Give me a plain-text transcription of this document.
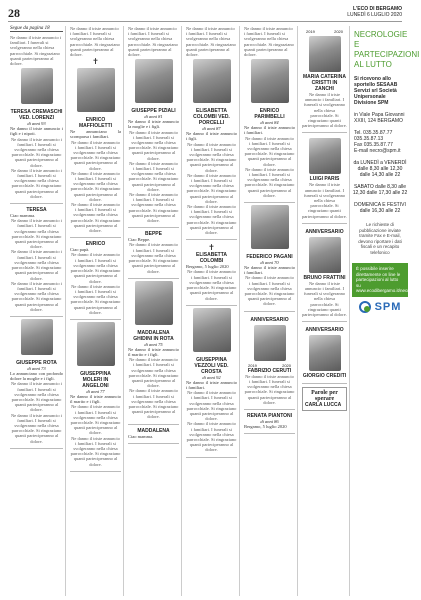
28	L'ECO DI BERGAMO
LUNEDÌ 6 LUGLIO 2020
Segue da pagina 18
Ne danno il triste annuncio i familiari. I funerali si svolgeranno nella chiesa parrocchiale. Si ringraziano quanti parteciperanno al dolore.
TERESA CREMASCHI VED. LORENZI
di anni 93
Ne danno il triste annuncio i figli e i nipoti.
Ne danno il triste annuncio i familiari. I funerali si svolgeranno nella chiesa parrocchiale. Si ringraziano quanti parteciperanno al dolore.
Ne danno il triste annuncio i familiari. I funerali si svolgeranno nella chiesa parrocchiale. Si ringraziano quanti parteciperanno al dolore.
TERESA
Ciao mamma.
Ne danno il triste annuncio i familiari. I funerali si svolgeranno nella chiesa parrocchiale. Si ringraziano quanti parteciperanno al dolore.
Ne danno il triste annuncio i familiari. I funerali si svolgeranno nella chiesa parrocchiale. Si ringraziano quanti parteciperanno al dolore.
Ne danno il triste annuncio i familiari. I funerali si svolgeranno nella chiesa parrocchiale. Si ringraziano quanti parteciperanno al dolore.
GIUSEPPE ROTA
di anni 73
Lo annunciano con profondo dolore la moglie e i figli.
Ne danno il triste annuncio i familiari. I funerali si svolgeranno nella chiesa parrocchiale. Si ringraziano quanti parteciperanno al dolore.
Ne danno il triste annuncio i familiari. I funerali si svolgeranno nella chiesa parrocchiale. Si ringraziano quanti parteciperanno al dolore.
Ne danno il triste annuncio i familiari. I funerali si svolgeranno nella chiesa parrocchiale. Si ringraziano quanti parteciperanno al dolore.
✝
ENRICO MAFFIOLETTI
Ne annunciano la scomparsa i familiari.
Ne danno il triste annuncio i familiari. I funerali si svolgeranno nella chiesa parrocchiale. Si ringraziano quanti parteciperanno al dolore.
Ne danno il triste annuncio i familiari. I funerali si svolgeranno nella chiesa parrocchiale. Si ringraziano quanti parteciperanno al dolore.
Ne danno il triste annuncio i familiari. I funerali si svolgeranno nella chiesa parrocchiale. Si ringraziano quanti parteciperanno al dolore.
ENRICO
Ciao papà.
Ne danno il triste annuncio i familiari. I funerali si svolgeranno nella chiesa parrocchiale. Si ringraziano quanti parteciperanno al dolore.
Ne danno il triste annuncio i familiari. I funerali si svolgeranno nella chiesa parrocchiale. Si ringraziano quanti parteciperanno al dolore.
GIUSEPPINA MOLERI IN ANGELONI
di anni 77
Ne danno il triste annuncio il marito e i figli.
Ne danno il triste annuncio i familiari. I funerali si svolgeranno nella chiesa parrocchiale. Si ringraziano quanti parteciperanno al dolore.
Ne danno il triste annuncio i familiari. I funerali si svolgeranno nella chiesa parrocchiale. Si ringraziano quanti parteciperanno al dolore.
Ne danno il triste annuncio i familiari. I funerali si svolgeranno nella chiesa parrocchiale. Si ringraziano quanti parteciperanno al dolore.
GIUSEPPE PIZIALI
di anni 81
Ne danno il triste annuncio la moglie e i figli.
Ne danno il triste annuncio i familiari. I funerali si svolgeranno nella chiesa parrocchiale. Si ringraziano quanti parteciperanno al dolore.
Ne danno il triste annuncio i familiari. I funerali si svolgeranno nella chiesa parrocchiale. Si ringraziano quanti parteciperanno al dolore.
Ne danno il triste annuncio i familiari. I funerali si svolgeranno nella chiesa parrocchiale. Si ringraziano quanti parteciperanno al dolore.
BEPPE
Ciao Beppe.
Ne danno il triste annuncio i familiari. I funerali si svolgeranno nella chiesa parrocchiale. Si ringraziano quanti parteciperanno al dolore.
MADDALENA GHIDINI IN ROTA
di anni 75
Ne danno il triste annuncio il marito e i figli.
Ne danno il triste annuncio i familiari. I funerali si svolgeranno nella chiesa parrocchiale. Si ringraziano quanti parteciperanno al dolore.
Ne danno il triste annuncio i familiari. I funerali si svolgeranno nella chiesa parrocchiale. Si ringraziano quanti parteciperanno al dolore.
MADDALENA
Ciao mamma.
Ne danno il triste annuncio i familiari. I funerali si svolgeranno nella chiesa parrocchiale. Si ringraziano quanti parteciperanno al dolore.
ELISABETTA COLOMBI VED. PORCELLI
di anni 87
Ne danno il triste annuncio i figli.
Ne danno il triste annuncio i familiari. I funerali si svolgeranno nella chiesa parrocchiale. Si ringraziano quanti parteciperanno al dolore.
Ne danno il triste annuncio i familiari. I funerali si svolgeranno nella chiesa parrocchiale. Si ringraziano quanti parteciperanno al dolore.
Ne danno il triste annuncio i familiari. I funerali si svolgeranno nella chiesa parrocchiale. Si ringraziano quanti parteciperanno al dolore.
✝
ELISABETTA COLOMBI
Bergamo, 5 luglio 2020
Ne danno il triste annuncio i familiari. I funerali si svolgeranno nella chiesa parrocchiale. Si ringraziano quanti parteciperanno al dolore.
GIUSEPPINA VEZZOLI VED. CROSTA
di anni 92
Ne danno il triste annuncio i familiari.
Ne danno il triste annuncio i familiari. I funerali si svolgeranno nella chiesa parrocchiale. Si ringraziano quanti parteciperanno al dolore.
Ne danno il triste annuncio i familiari. I funerali si svolgeranno nella chiesa parrocchiale. Si ringraziano quanti parteciperanno al dolore.
Ne danno il triste annuncio i familiari. I funerali si svolgeranno nella chiesa parrocchiale. Si ringraziano quanti parteciperanno al dolore.
ENRICO PARIMBELLI
di anni 84
Ne danno il triste annuncio i familiari.
Ne danno il triste annuncio i familiari. I funerali si svolgeranno nella chiesa parrocchiale. Si ringraziano quanti parteciperanno al dolore.
Ne danno il triste annuncio i familiari. I funerali si svolgeranno nella chiesa parrocchiale. Si ringraziano quanti parteciperanno al dolore.
FEDERICO PAGANI
di anni 70
Ne danno il triste annuncio i familiari.
Ne danno il triste annuncio i familiari. I funerali si svolgeranno nella chiesa parrocchiale. Si ringraziano quanti parteciperanno al dolore.
ANNIVERSARIO
2019	2020
FABRIZIO CERUTI
Ne danno il triste annuncio i familiari. I funerali si svolgeranno nella chiesa parrocchiale. Si ringraziano quanti parteciperanno al dolore.
RENATA PIANTONI
di anni 86
Bergamo, 5 luglio 2020
2019	2020
MARIA CATERINA CRISTTI IN ZANCHI
Ne danno il triste annuncio i familiari. I funerali si svolgeranno nella chiesa parrocchiale. Si ringraziano quanti parteciperanno al dolore.
LUIGI PARIS
Ne danno il triste annuncio i familiari. I funerali si svolgeranno nella chiesa parrocchiale. Si ringraziano quanti parteciperanno al dolore.
ANNIVERSARIO
BRUNO FRATTINI
Ne danno il triste annuncio i familiari. I funerali si svolgeranno nella chiesa parrocchiale. Si ringraziano quanti parteciperanno al dolore.
ANNIVERSARIO
GIORGIO CREDITI
Parole per sperare
CARLA LUCCA
NECROLOGIE E PARTECIPAZIONI AL LUTTO
Si ricevono allo sportello SESAAB Servizi srl Società Unipersonale Divisione SPM
in Viale Papa Giovanni XXIII, 124 BERGAMO
Tel. 035.35.87.77
035.35.87.13
Fax 035.35.87.77
E-mail necro@spm.it
da LUNEDÌ a VENERDÌ dalle 8,30 alle 12,30 dalle 14,30 alle 22
SABATO dalle 8,30 alle 12,30 dalle 17,30 alle 22
DOMENICA E FESTIVI dalle 16,30 alle 22
Le richieste di pubblicazione inviate tramite Fax e E-mail, devono riportare i dati fiscali e un recapito telefonico
È possibile inserire direttamente on line le partecipazioni al lutto su www.ecodibergamo.it/necrologie
SPM
